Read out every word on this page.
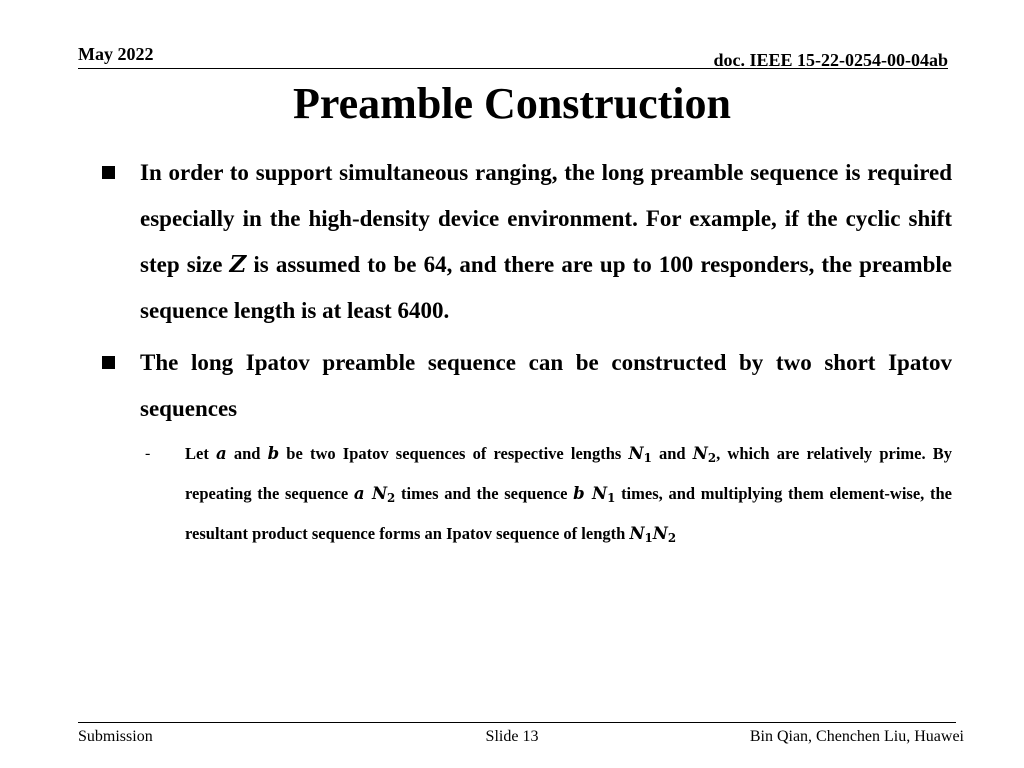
May 2022	doc. IEEE 15-22-0254-00-04ab
Preamble Construction
In order to support simultaneous ranging, the long preamble sequence is required especially in the high-density device environment. For example, if the cyclic shift step size Z is assumed to be 64, and there are up to 100 responders, the preamble sequence length is at least 6400.
The long Ipatov preamble sequence can be constructed by two short Ipatov sequences
- Let a and b be two Ipatov sequences of respective lengths $N_1$ and $N_2$, which are relatively prime. By repeating the sequence a $N_2$ times and the sequence b $N_1$ times, and multiplying them element-wise, the resultant product sequence forms an Ipatov sequence of length $N_1N_2$
Submission	Slide 13	Bin Qian, Chenchen Liu, Huawei
